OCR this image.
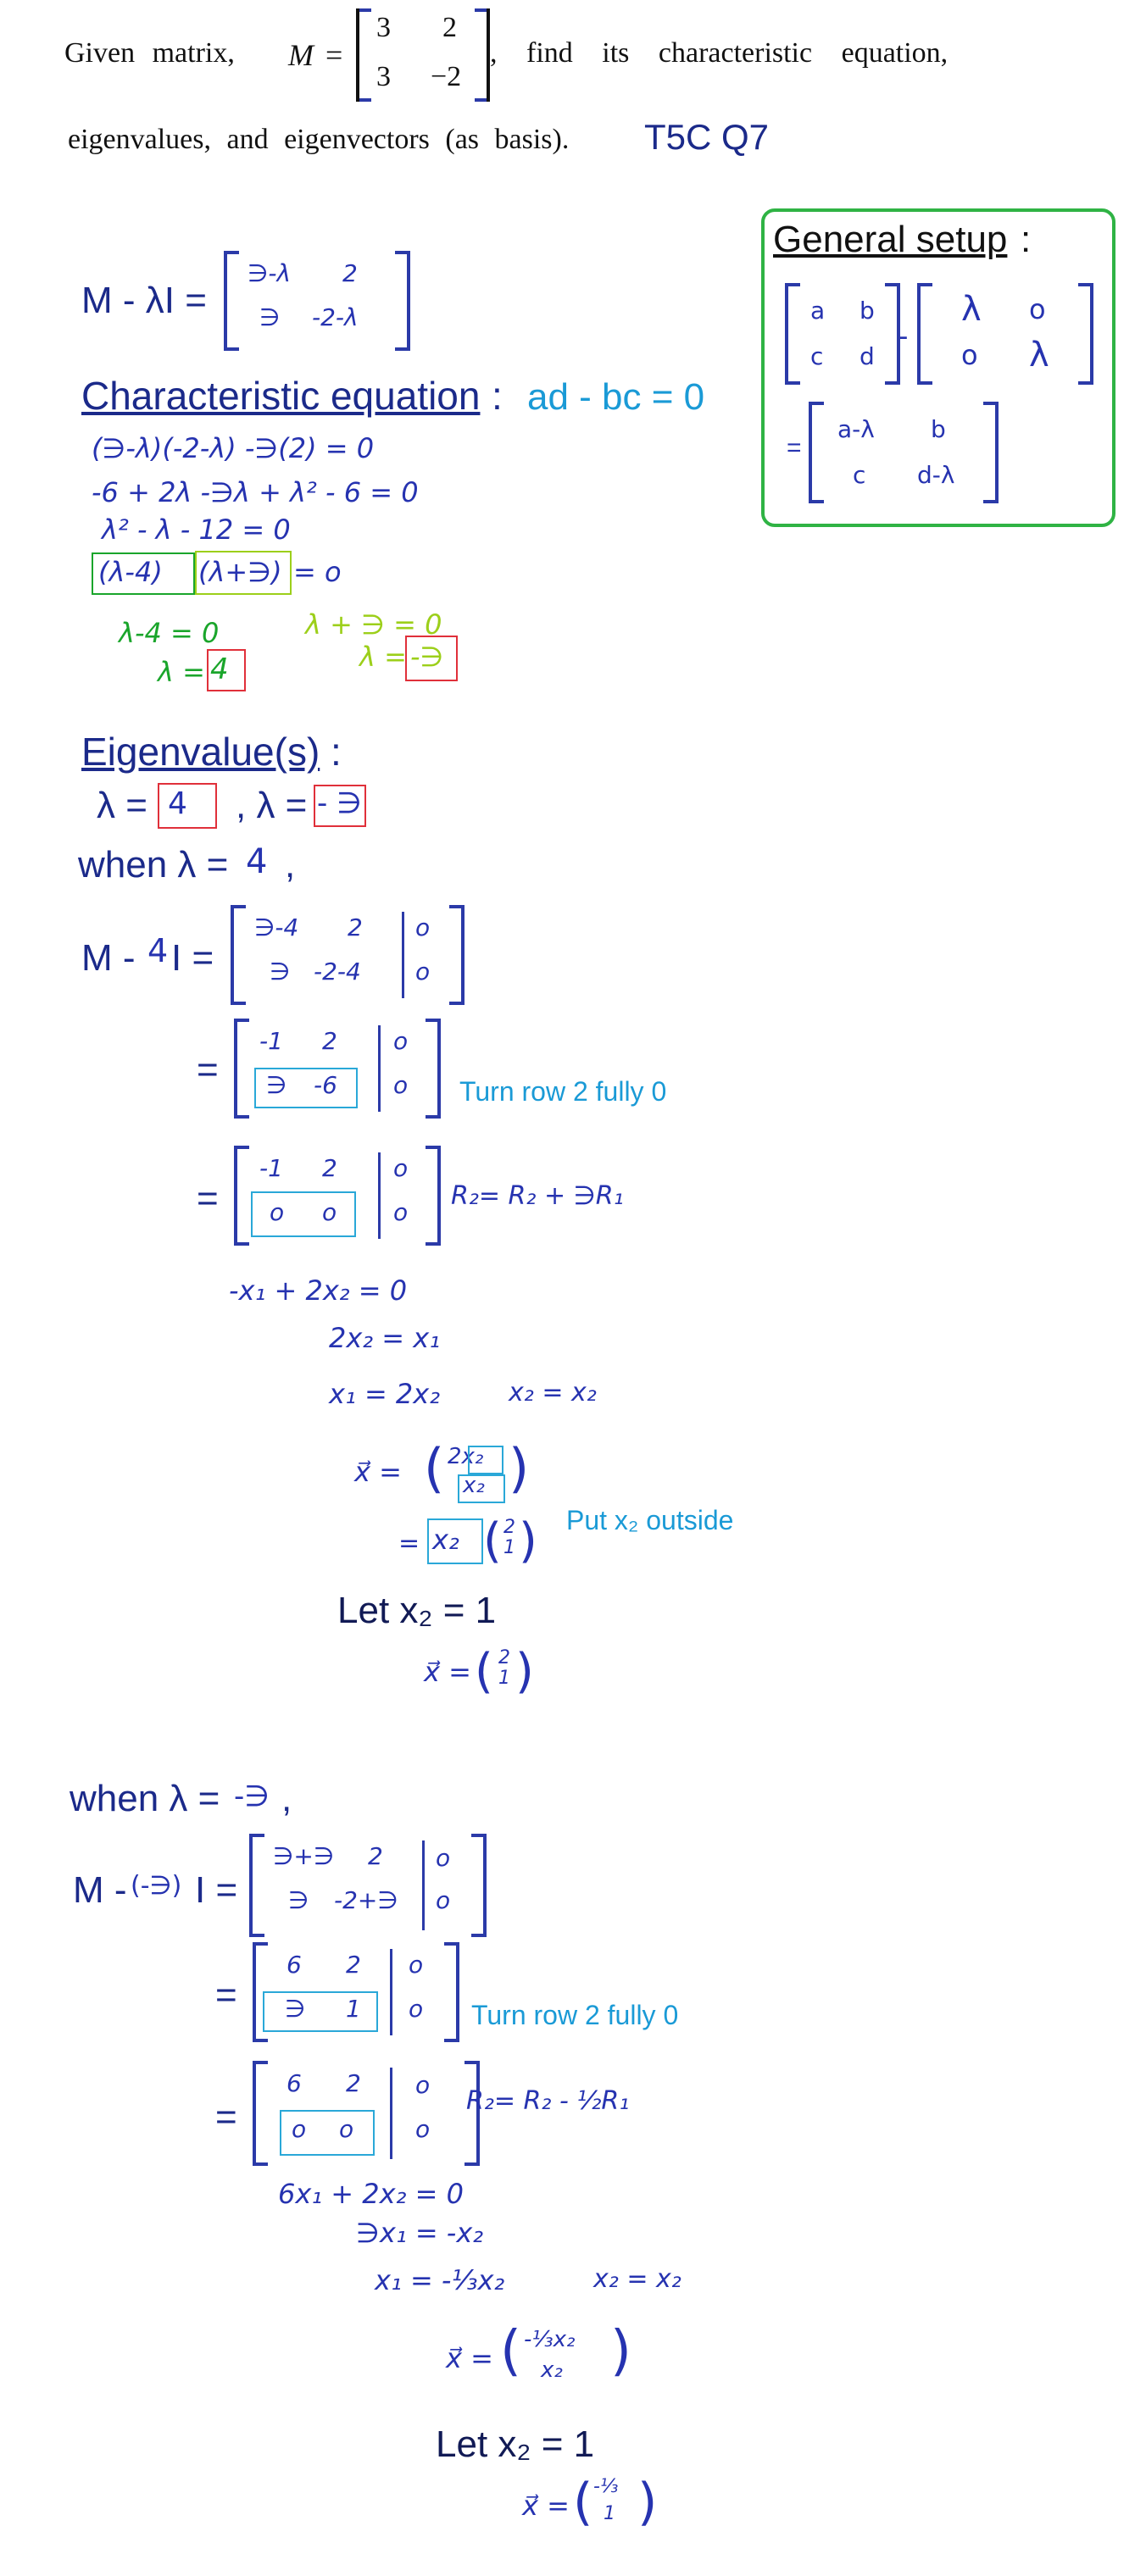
Given matrix, M =
3 2
3 −2
, find its characteristic equation,
eigenvalues, and eigenvectors (as basis). T5C Q7
General setup :
a b
c d
-
λ o
o λ
=
a-λ b
c d-λ
M - λI =
∋-λ 2
∋ -2-λ
Characteristic equation : ad - bc = 0
(∋-λ)(-2-λ) -∋(2) = 0
-6 + 2λ -∋λ + λ² - 6 = 0
λ² - λ - 12 = 0
(λ-4) (λ+∋) = o
λ-4 = 0
λ = 4
λ + ∋ = 0
λ = -∋
Eigenvalue(s) :
λ = 4 , λ = - ∋
when λ = 4 ,
M - 4 I =
∋-4 2 o
∋ -2-4 o
=
-1 2 o
∋ -6 o Turn row 2 fully 0
=
-1 2 o
o o o
R₂= R₂ + ∋R₁
-x₁ + 2x₂ = 0
2x₂ = x₁
x₁ = 2x₂	x₂ = x₂
x⃗ = ( 2x₂
x₂ )
= x₂ ( 2
1 ) Put x₂ outside
Let x₂ = 1
x⃗ = ( 2
1 )
when λ = -∋ ,
M - (-∋) I =
∋+∋ 2 o
∋ -2+∋ o
=
6 2 o
∋ 1 o Turn row 2 fully 0
=
6 2 o
o o	o
R₂= R₂ - ½R₁
6x₁ + 2x₂ = 0
∋x₁ = -x₂
x₁ = -⅓x₂	x₂ = x₂
x⃗ = ( -⅓x₂
x₂ )
Let x₂ = 1
x⃗ = ( -⅓
1 )
